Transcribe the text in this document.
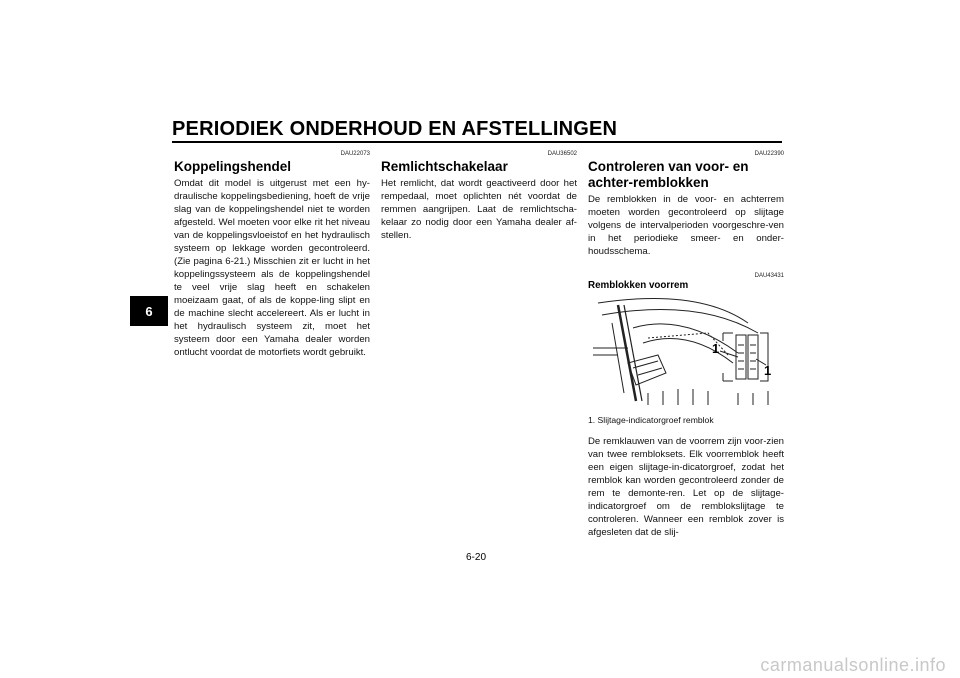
PERIODIEK ONDERHOUD EN AFSTELLINGEN
6
DAU22073
Koppelingshendel
Omdat dit model is uitgerust met een hy-draulische koppelingsbediening, hoeft de vrije slag van de koppelingshendel niet te worden afgesteld. Wel moeten voor elke rit het niveau van de koppelingsvloeistof en het hydraulisch systeem op lekkage worden gecontroleerd. (Zie pagina 6-21.) Misschien zit er lucht in het koppelingssysteem als de koppelingshendel te veel vrije slag heeft en schakelen moeizaam gaat, of als de koppe-ling slipt en de machine slecht accelereert. Als er lucht in het hydraulisch systeem zit, moet het systeem door een Yamaha dealer worden ontlucht voordat de motorfiets wordt gebruikt.
DAU36502
Remlichtschakelaar
Het remlicht, dat wordt geactiveerd door het rempedaal, moet oplichten nét voordat de remmen aangrijpen. Laat de remlichtscha-kelaar zo nodig door een Yamaha dealer af-stellen.
DAU22390
Controleren van voor- en achter-remblokken
De remblokken in de voor- en achterrem moeten worden gecontroleerd op slijtage volgens de intervalperioden voorgeschre-ven in het periodieke smeer- en onder-houdsschema.
DAU43431
Remblokken voorrem
1
1
1. Slijtage-indicatorgroef remblok
De remklauwen van de voorrem zijn voor-zien van twee rembloksets. Elk voorremblok heeft een eigen slijtage-in-dicatorgroef, zodat het remblok kan worden gecontroleerd zonder de rem te demonte-ren. Let op de slijtage-indicatorgroef om de remblokslijtage te controleren. Wanneer een remblok zover is afgesleten dat de slij-
6-20
carmanualsonline.info
